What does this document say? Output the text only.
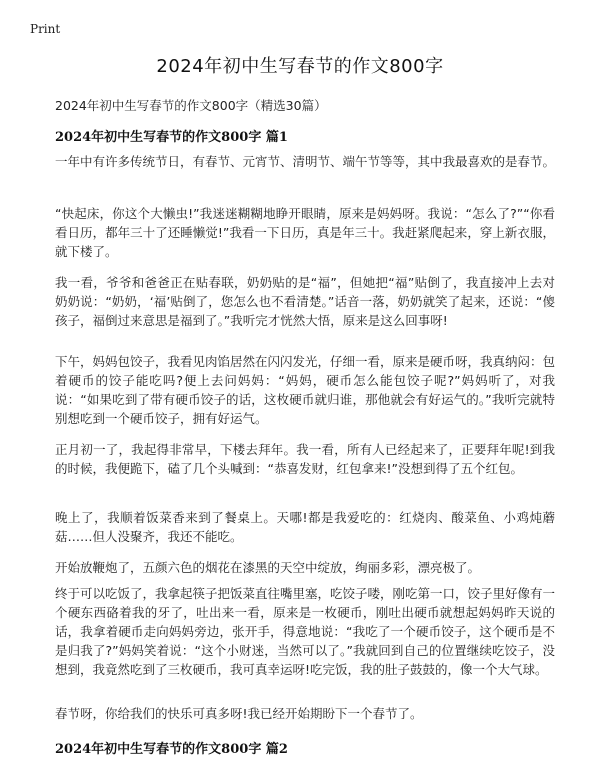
Print
2024年初中生写春节的作文800字
2024年初中生写春节的作文800字（精选30篇）
2024年初中生写春节的作文800字 篇1

一年中有许多传统节日，有春节、元宵节、清明节、端午节等等，其中我最喜欢的是春节。

“快起床，你这个大懒虫!”我迷迷糊糊地睁开眼睛，原来是妈妈呀。我说：“怎么了?”“你看看日历，都年三十了还睡懒觉!”我看一下日历，真是年三十。我赶紧爬起来，穿上新衣服，就下楼了。

我一看，爷爷和爸爸正在贴春联，奶奶贴的是“福”，但她把“福”贴倒了，我直接冲上去对奶奶说：“奶奶，‘福’贴倒了，您怎么也不看清楚。”话音一落，奶奶就笑了起来，还说：“傻孩子，福倒过来意思是福到了。”我听完才恍然大悟，原来是这么回事呀!

下午，妈妈包饺子，我看见肉馅居然在闪闪发光，仔细一看，原来是硬币呀，我真纳闷：包着硬币的饺子能吃吗?便上去问妈妈：“妈妈，硬币怎么能包饺子呢?”妈妈听了，对我说：“如果吃到了带有硬币饺子的话，这枚硬币就归谁，那他就会有好运气的。”我听完就特别想吃到一个硬币饺子，拥有好运气。

正月初一了，我起得非常早，下楼去拜年。我一看，所有人已经起来了，正要拜年呢!到我的时候，我便跪下，磕了几个头喊到：“恭喜发财，红包拿来!”没想到得了五个红包。

晚上了，我顺着饭菜香来到了餐桌上。天哪!都是我爱吃的：红烧肉、酸菜鱼、小鸡炖蘑菇……但人没聚齐，我还不能吃。

开始放鞭炮了，五颜六色的烟花在漆黑的天空中绽放，绚丽多彩，漂亮极了。

终于可以吃饭了，我拿起筷子把饭菜直往嘴里塞，吃饺子喽，刚吃第一口，饺子里好像有一个硬东西硌着我的牙了，吐出来一看，原来是一枚硬币，刚吐出硬币就想起妈妈昨天说的话，我拿着硬币走向妈妈旁边，张开手，得意地说：“我吃了一个硬币饺子，这个硬币是不是归我了?”妈妈笑着说：“这个小财迷，当然可以了。”我就回到自己的位置继续吃饺子，没想到，我竟然吃到了三枚硬币，我可真幸运呀!吃完饭，我的肚子鼓鼓的，像一个大气球。

春节呀，你给我们的快乐可真多呀!我已经开始期盼下一个春节了。

2024年初中生写春节的作文800字 篇2
